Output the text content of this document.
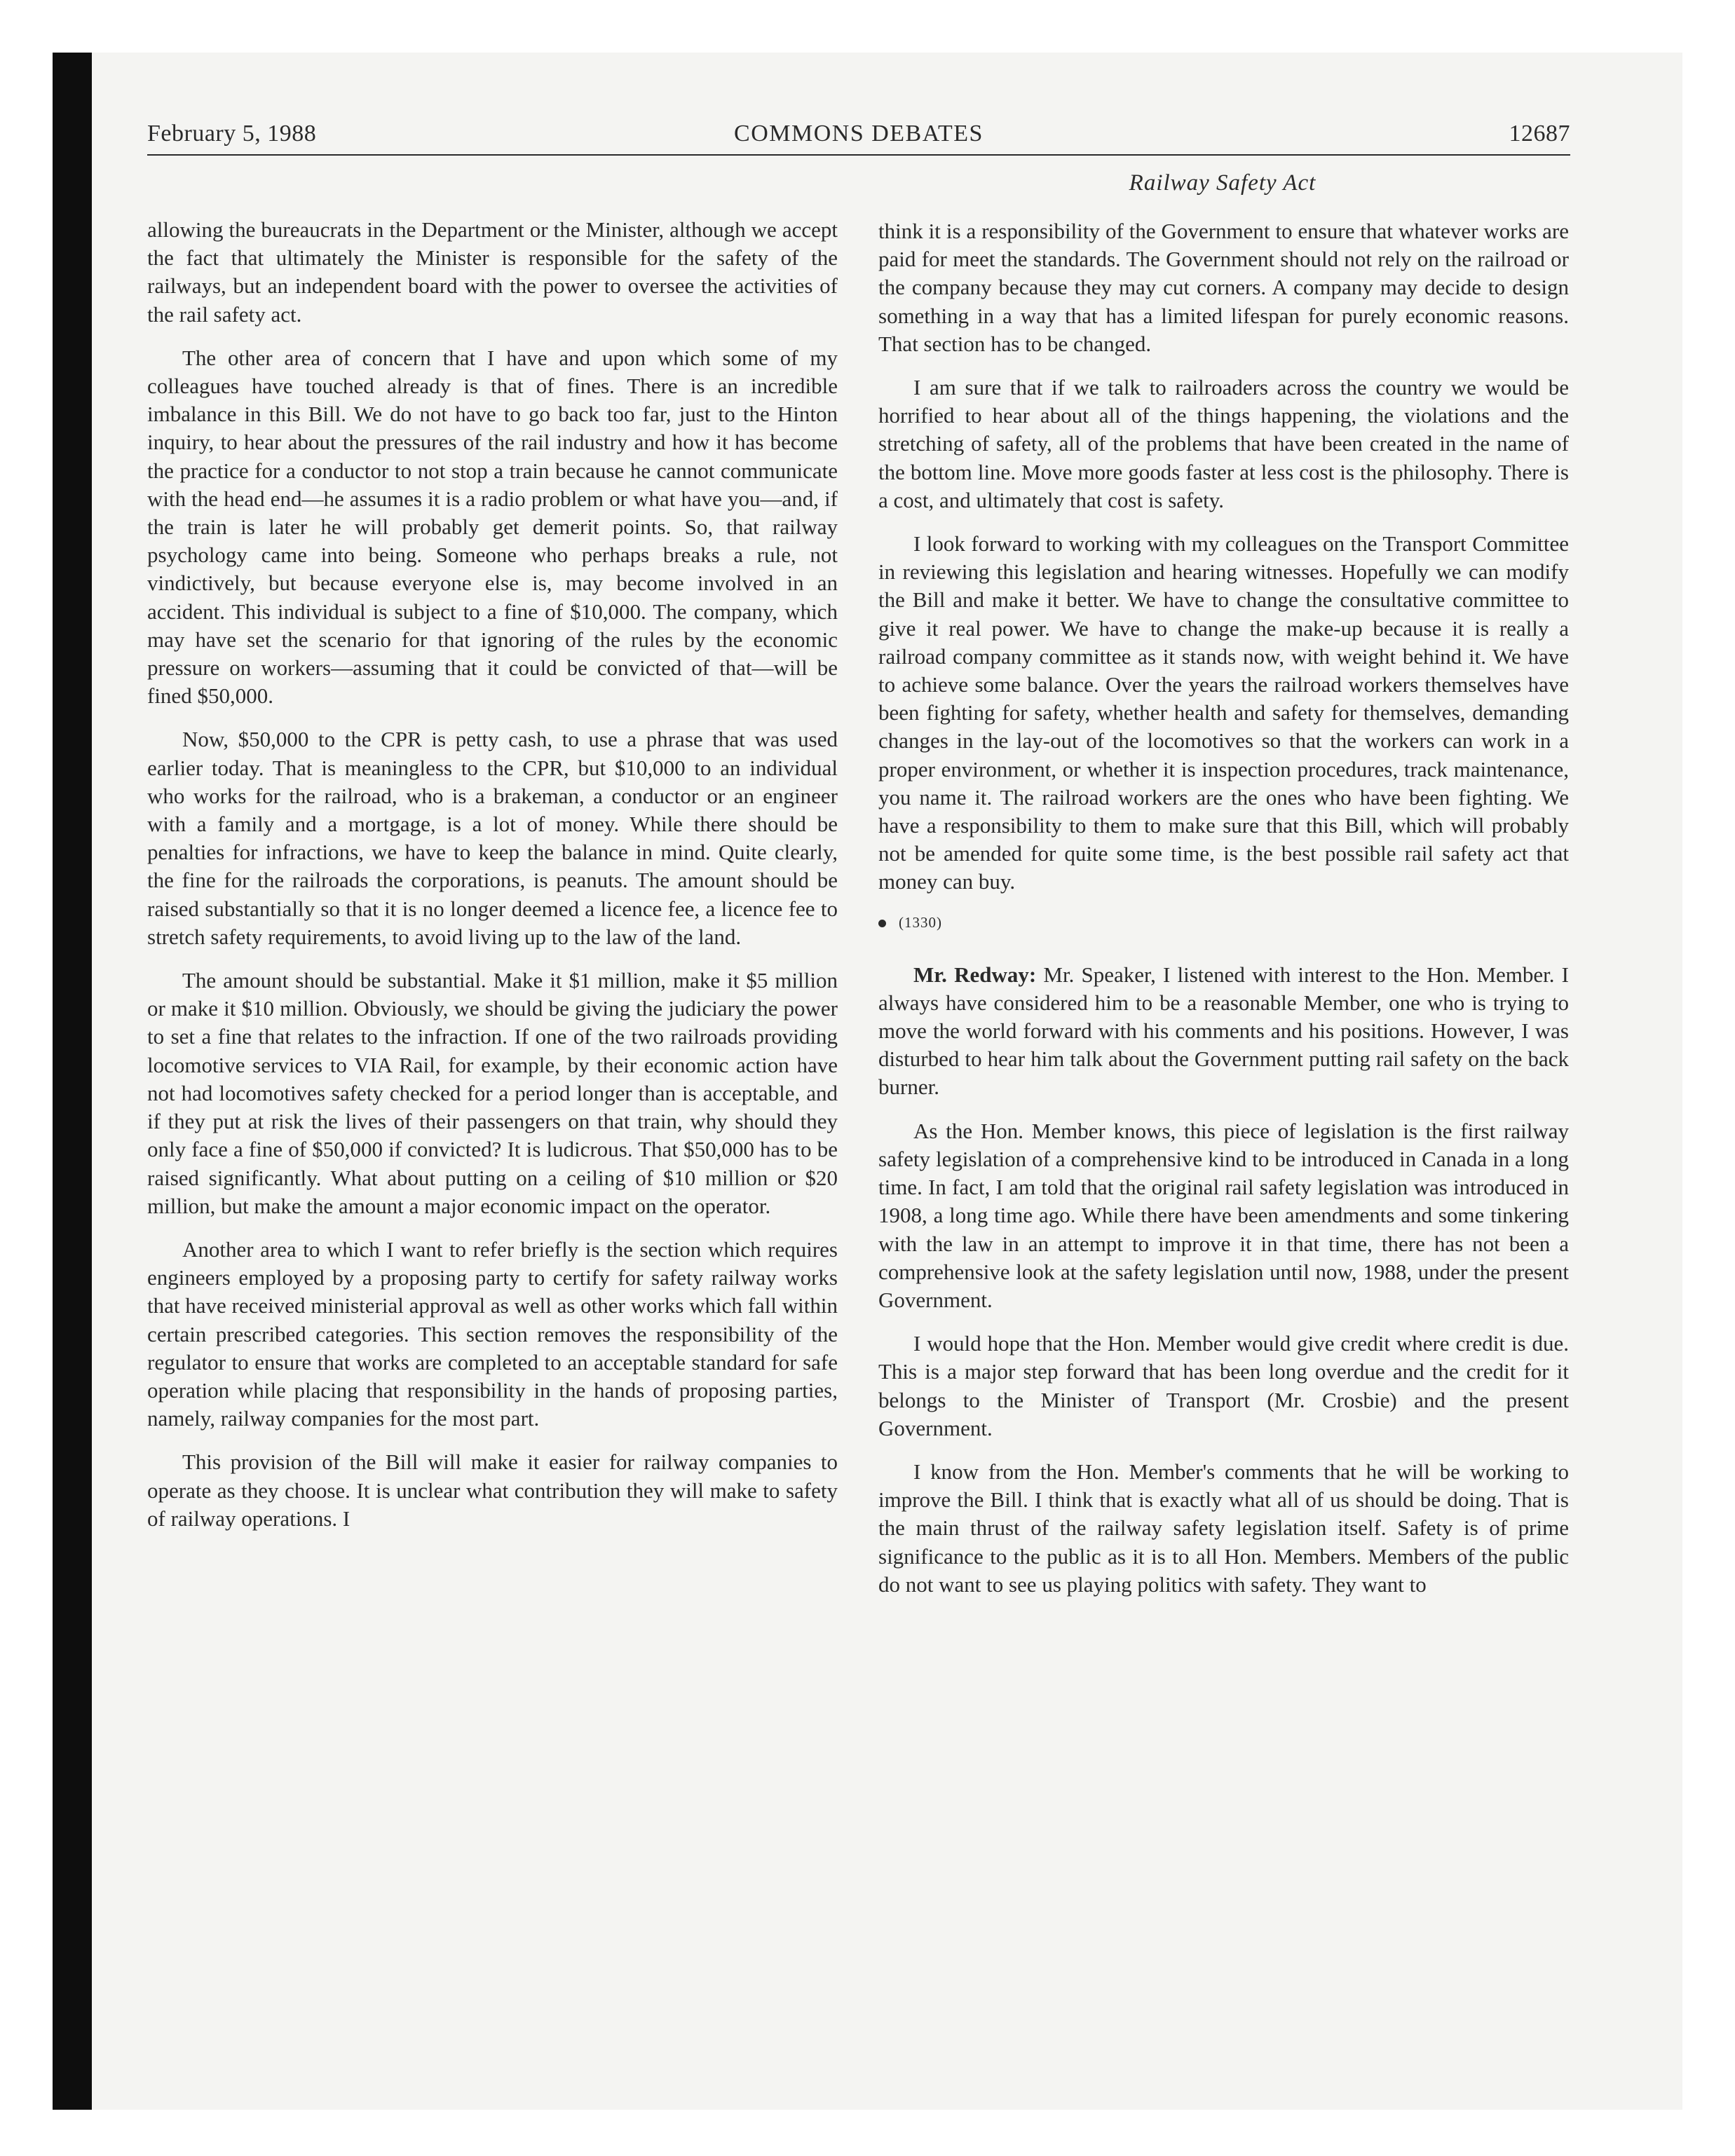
February 5, 1988	COMMONS DEBATES	12687
Railway Safety Act

allowing the bureaucrats in the Department or the Minister, although we accept the fact that ultimately the Minister is responsible for the safety of the railways, but an independent board with the power to oversee the activities of the rail safety act.

The other area of concern that I have and upon which some of my colleagues have touched already is that of fines. There is an incredible imbalance in this Bill. We do not have to go back too far, just to the Hinton inquiry, to hear about the pressures of the rail industry and how it has become the practice for a conductor to not stop a train because he cannot communicate with the head end—he assumes it is a radio problem or what have you—and, if the train is later he will probably get demerit points. So, that railway psychology came into being. Someone who perhaps breaks a rule, not vindictively, but because everyone else is, may become involved in an accident. This individual is subject to a fine of $10,000. The company, which may have set the scenario for that ignoring of the rules by the economic pressure on workers—assuming that it could be convicted of that—will be fined $50,000.

Now, $50,000 to the CPR is petty cash, to use a phrase that was used earlier today. That is meaningless to the CPR, but $10,000 to an individual who works for the railroad, who is a brakeman, a conductor or an engineer with a family and a mortgage, is a lot of money. While there should be penalties for infractions, we have to keep the balance in mind. Quite clearly, the fine for the railroads the corporations, is peanuts. The amount should be raised substantially so that it is no longer deemed a licence fee, a licence fee to stretch safety requirements, to avoid living up to the law of the land.

The amount should be substantial. Make it $1 million, make it $5 million or make it $10 million. Obviously, we should be giving the judiciary the power to set a fine that relates to the infraction. If one of the two railroads providing locomotive services to VIA Rail, for example, by their economic action have not had locomotives safety checked for a period longer than is acceptable, and if they put at risk the lives of their passengers on that train, why should they only face a fine of $50,000 if convicted? It is ludicrous. That $50,000 has to be raised significantly. What about putting on a ceiling of $10 million or $20 million, but make the amount a major economic impact on the operator.

Another area to which I want to refer briefly is the section which requires engineers employed by a proposing party to certify for safety railway works that have received ministerial approval as well as other works which fall within certain prescribed categories. This section removes the responsibility of the regulator to ensure that works are completed to an acceptable standard for safe operation while placing that responsibility in the hands of proposing parties, namely, railway companies for the most part.

This provision of the Bill will make it easier for railway companies to operate as they choose. It is unclear what contribution they will make to safety of railway operations. I

think it is a responsibility of the Government to ensure that whatever works are paid for meet the standards. The Government should not rely on the railroad or the company because they may cut corners. A company may decide to design something in a way that has a limited lifespan for purely economic reasons. That section has to be changed.

I am sure that if we talk to railroaders across the country we would be horrified to hear about all of the things happening, the violations and the stretching of safety, all of the problems that have been created in the name of the bottom line. Move more goods faster at less cost is the philosophy. There is a cost, and ultimately that cost is safety.

I look forward to working with my colleagues on the Transport Committee in reviewing this legislation and hearing witnesses. Hopefully we can modify the Bill and make it better. We have to change the consultative committee to give it real power. We have to change the make-up because it is really a railroad company committee as it stands now, with weight behind it. We have to achieve some balance. Over the years the railroad workers themselves have been fighting for safety, whether health and safety for themselves, demanding changes in the lay-out of the locomotives so that the workers can work in a proper environment, or whether it is inspection procedures, track maintenance, you name it. The railroad workers are the ones who have been fighting. We have a responsibility to them to make sure that this Bill, which will probably not be amended for quite some time, is the best possible rail safety act that money can buy.

(1330)

Mr. Redway: Mr. Speaker, I listened with interest to the Hon. Member. I always have considered him to be a reasonable Member, one who is trying to move the world forward with his comments and his positions. However, I was disturbed to hear him talk about the Government putting rail safety on the back burner.

As the Hon. Member knows, this piece of legislation is the first railway safety legislation of a comprehensive kind to be introduced in Canada in a long time. In fact, I am told that the original rail safety legislation was introduced in 1908, a long time ago. While there have been amendments and some tinkering with the law in an attempt to improve it in that time, there has not been a comprehensive look at the safety legislation until now, 1988, under the present Government.

I would hope that the Hon. Member would give credit where credit is due. This is a major step forward that has been long overdue and the credit for it belongs to the Minister of Transport (Mr. Crosbie) and the present Government.

I know from the Hon. Member's comments that he will be working to improve the Bill. I think that is exactly what all of us should be doing. That is the main thrust of the railway safety legislation itself. Safety is of prime significance to the public as it is to all Hon. Members. Members of the public do not want to see us playing politics with safety. They want to
